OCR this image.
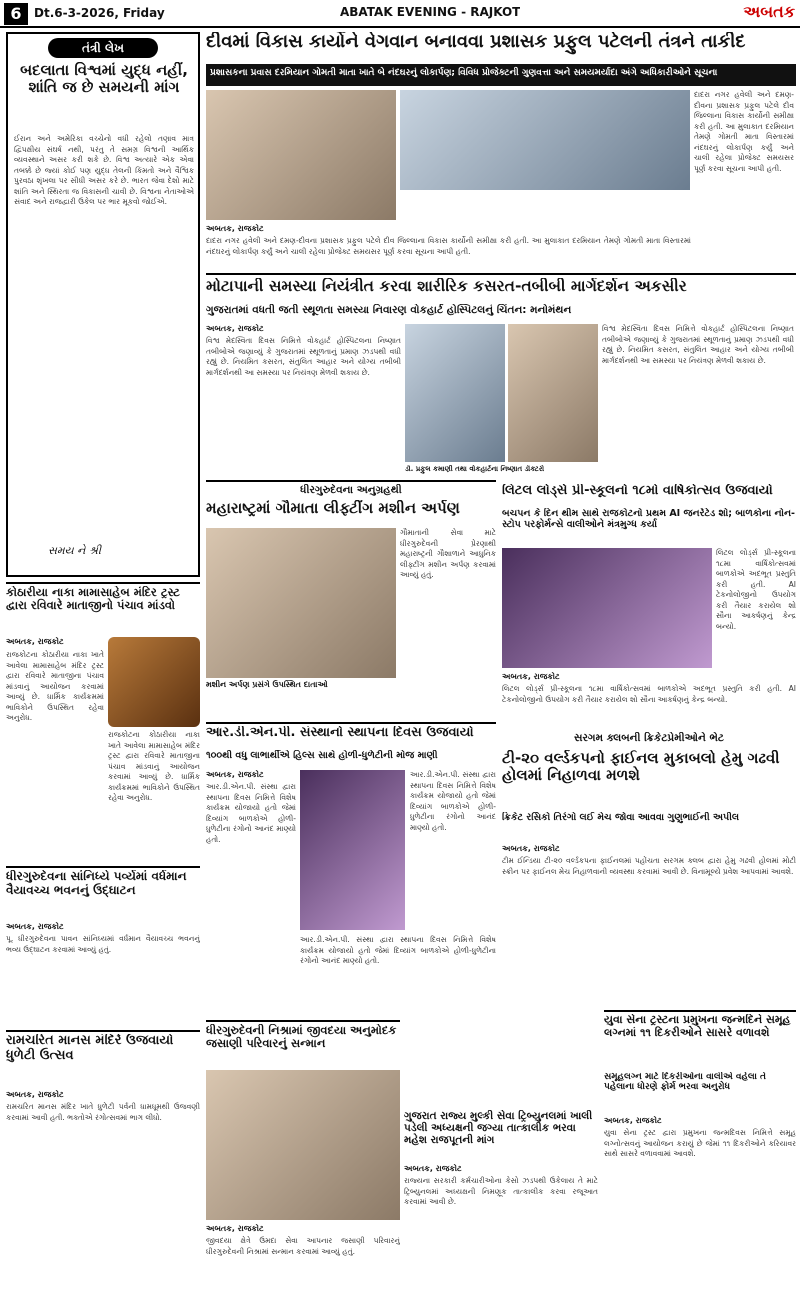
6	Dt.6-3-2026, Friday	ABATAK EVENING - RAJKOT	અબતક
તંત્રી લેખ
બદલાતા વિશ્વમાં યુદ્ધ નહીં, શાંતિ જ છે સમયની માંગ
ઈરાન અને અમેરિકા વચ્ચેનો વધી રહેલો તણાવ માત્ર દ્વિપક્ષીય સંઘર્ષ નથી, પરંતુ તે સમગ્ર વિશ્વની આર્થિક વ્યવસ્થાને અસર કરી શકે છે. વિશ્વ અત્યારે એક એવા તબક્કે છે જ્યાં કોઈ પણ યુદ્ધ તેલની કિંમતો અને વૈશ્વિક પુરવઠા શૃંખલા પર સીધી અસર કરે છે. ભારત જેવા દેશો માટે શાંતિ અને સ્થિરતા જ વિકાસની ચાવી છે. વિશ્વના નેતાઓએ સંવાદ અને રાજદ્વારી ઉકેલ પર ભાર મૂકવો જોઈએ.
સમય ને શ્રી
દીવમાં વિકાસ કાર્યોને વેગવાન બનાવવા પ્રશાસક પ્રફુલ પટેલની તંત્રને તાકીદ
પ્રશાસકના પ્રવાસ દરમિયાન ગોમતી માતા ખાતે બે નંદઘરનું લોકાર્પણ; વિવિધ પ્રોજેક્ટની ગુણવત્તા અને સમયમર્યાદા અંગે અધિકારીઓને સૂચના
અબતક, રાજકોટ
દાદરા નગર હવેલી અને દમણ-દીવના પ્રશાસક પ્રફુલ પટેલે દીવ જિલ્લાના વિકાસ કાર્યોની સમીક્ષા કરી હતી. આ મુલાકાત દરમિયાન તેમણે ગોમતી માતા વિસ્તારમાં નંદઘરનું લોકાર્પણ કર્યું અને ચાલી રહેલા પ્રોજેક્ટ સમયસર પૂર્ણ કરવા સૂચના આપી હતી.
દાદરા નગર હવેલી અને દમણ-દીવના પ્રશાસક પ્રફુલ પટેલે દીવ જિલ્લાના વિકાસ કાર્યોની સમીક્ષા કરી હતી. આ મુલાકાત દરમિયાન તેમણે ગોમતી માતા વિસ્તારમાં નંદઘરનું લોકાર્પણ કર્યું અને ચાલી રહેલા પ્રોજેક્ટ સમયસર પૂર્ણ કરવા સૂચના આપી હતી.
મોટાપાની સમસ્યા નિયંત્રીત કરવા શારીરિક કસરત-તબીબી માર્ગદર્શન અકસીર
ગુજરાતમાં વધતી જતી સ્થૂળતા સમસ્યા નિવારણ વોકહાર્ટ હોસ્પિટલનું ચિંતન: મનોમંથન
અબતક, રાજકોટ
વિશ્વ મેદસ્વિતા દિવસ નિમિત્તે વોકહાર્ટ હોસ્પિટલના નિષ્ણાત તબીબોએ જણાવ્યું કે ગુજરાતમાં સ્થૂળતાનું પ્રમાણ ઝડપથી વધી રહ્યું છે. નિયમિત કસરત, સંતુલિત આહાર અને યોગ્ય તબીબી માર્ગદર્શનથી આ સમસ્યા પર નિયંત્રણ મેળવી શકાય છે.
વિશ્વ મેદસ્વિતા દિવસ નિમિત્તે વોકહાર્ટ હોસ્પિટલના નિષ્ણાત તબીબોએ જણાવ્યું કે ગુજરાતમાં સ્થૂળતાનું પ્રમાણ ઝડપથી વધી રહ્યું છે. નિયમિત કસરત, સંતુલિત આહાર અને યોગ્ય તબીબી માર્ગદર્શનથી આ સમસ્યા પર નિયંત્રણ મેળવી શકાય છે.
ડૉ. પ્રફુલ કમાણી તથા વોકહાર્ટના નિષ્ણાત ડૉક્ટરો
કોઠારીયા નાકા મામાસાહેબ મંદિર ટ્રસ્ટ દ્વારા રવિવારે માતાજીનો પંચાવ માંડવો
અબતક, રાજકોટ
રાજકોટના કોઠારીયા નાકા ખાતે આવેલા મામાસાહેબ મંદિર ટ્રસ્ટ દ્વારા રવિવારે માતાજીના પંચાવ માંડવાનું આયોજન કરવામાં આવ્યું છે. ધાર્મિક કાર્યક્રમમાં ભાવિકોને ઉપસ્થિત રહેવા અનુરોધ.
રાજકોટના કોઠારીયા નાકા ખાતે આવેલા મામાસાહેબ મંદિર ટ્રસ્ટ દ્વારા રવિવારે માતાજીના પંચાવ માંડવાનું આયોજન કરવામાં આવ્યું છે. ધાર્મિક કાર્યક્રમમાં ભાવિકોને ઉપસ્થિત રહેવા અનુરોધ.
ધીરગુરુદેવના અનુગ્રહથી
મહારાષ્ટ્રમાં ગૌમાતા લીફ્ટીંગ મશીન અર્પણ
મશીન અર્પણ પ્રસંગે ઉપસ્થિત દાતાઓ
ગૌમાતાની સેવા માટે ધીરગુરુદેવની પ્રેરણાથી મહારાષ્ટ્રની ગૌશાળાને આધુનિક લીફ્ટીંગ મશીન અર્પણ કરવામાં આવ્યું હતું.
લિટલ લોર્ડ્સ પ્રી-સ્કૂલનો ૧૮મો વાર્ષિકોત્સવ ઉજવાયો
બચપન કે દિન થીમ સાથે રાજકોટનો પ્રથમ AI જનરેટેડ શો; બાળકોના નોન-સ્ટોપ પરફોર્મન્સે વાલીઓને મંત્રમુગ્ધ કર્યા
અબતક, રાજકોટ
લિટલ લોર્ડ્સ પ્રી-સ્કૂલના ૧૮મા વાર્ષિકોત્સવમાં બાળકોએ અદભૂત પ્રસ્તુતિ કરી હતી. AI ટેકનોલોજીનો ઉપયોગ કરી તૈયાર કરાયેલ શો સૌના આકર્ષણનું કેન્દ્ર બન્યો.
લિટલ લોર્ડ્સ પ્રી-સ્કૂલના ૧૮મા વાર્ષિકોત્સવમાં બાળકોએ અદભૂત પ્રસ્તુતિ કરી હતી. AI ટેકનોલોજીનો ઉપયોગ કરી તૈયાર કરાયેલ શો સૌના આકર્ષણનું કેન્દ્ર બન્યો.
આર.ડી.એન.પી. સંસ્થાનો સ્થાપના દિવસ ઉજવાયો
૧૦૦થી વધુ લાભાર્થીએ હિલ્સ સાથે હોળી-ધુળેટીની મોજ માણી
અબતક, રાજકોટ
આર.ડી.એન.પી. સંસ્થા દ્વારા સ્થાપના દિવસ નિમિત્તે વિશેષ કાર્યક્રમ યોજાયો હતો જેમાં દિવ્યાંગ બાળકોએ હોળી-ધુળેટીના રંગોનો આનંદ માણ્યો હતો.
આર.ડી.એન.પી. સંસ્થા દ્વારા સ્થાપના દિવસ નિમિત્તે વિશેષ કાર્યક્રમ યોજાયો હતો જેમાં દિવ્યાંગ બાળકોએ હોળી-ધુળેટીના રંગોનો આનંદ માણ્યો હતો.
આર.ડી.એન.પી. સંસ્થા દ્વારા સ્થાપના દિવસ નિમિત્તે વિશેષ કાર્યક્રમ યોજાયો હતો જેમાં દિવ્યાંગ બાળકોએ હોળી-ધુળેટીના રંગોનો આનંદ માણ્યો હતો.
સરગમ ક્લબની ક્રિકેટપ્રેમીઓને ભેટ
ટી-૨૦ વર્લ્ડકપનો ફાઈનલ મુકાબલો હેમુ ગઢવી હોલમાં નિહાળવા મળશે
ક્રિકેટ રસિકો તિરંગો લઈ મેચ જોવા આવવા ગુણુભાઈની અપીલ
અબતક, રાજકોટ
ટીમ ઈન્ડિયા ટી-૨૦ વર્લ્ડકપના ફાઈનલમાં પહોંચતા સરગમ ક્લબ દ્વારા હેમુ ગઢવી હોલમાં મોટી સ્ક્રીન પર ફાઈનલ મેચ નિહાળવાની વ્યવસ્થા કરવામાં આવી છે. વિનામૂલ્યે પ્રવેશ આપવામાં આવશે.
ધીરગુરુદેવના સાંનિધ્યે પર્વ્યમાં વર્ધમાન વૈયાવચ્ચ ભવનનું ઉદ્ઘાટન
અબતક, રાજકોટ
પૂ. ધીરગુરુદેવના પાવન સાંનિધ્યમાં વર્ધમાન વૈયાવચ્ચ ભવનનું ભવ્ય ઉદ્ઘાટન કરવામાં આવ્યું હતું.
રામચરિત માનસ મંદિરે ઉજવાયો ધુળેટી ઉત્સવ
અબતક, રાજકોટ
રામચરિત માનસ મંદિર ખાતે ધુળેટી પર્વની ધામધૂમથી ઉજવણી કરવામાં આવી હતી. ભક્તોએ રંગોત્સવમાં ભાગ લીધો.
ધીરગુરુદેવની નિશ્રામાં જીવદયા અનુમોદક જસાણી પરિવારનું સન્માન
અબતક, રાજકોટ
જીવદયા ક્ષેત્રે ઉમદા સેવા આપનાર જસાણી પરિવારનું ધીરગુરુદેવની નિશ્રામાં સન્માન કરવામાં આવ્યું હતું.
ગુજરાત રાજ્ય મુલ્કી સેવા ટ્રિબ્યુનલમાં ખાલી પડેલી અધ્યક્ષની જગ્યા તાત્કાલીક ભરવા મહેશ રાજપૂતની માંગ
અબતક, રાજકોટ
રાજ્યના સરકારી કર્મચારીઓના કેસો ઝડપથી ઉકેલાય તે માટે ટ્રિબ્યુનલમાં અધ્યક્ષની નિમણૂક તાત્કાલીક કરવા રજૂઆત કરવામાં આવી છે.
યુવા સેના ટ્રસ્ટના પ્રમુખના જન્મદિને સમૂહ લગ્નમાં ૧૧ દિકરીઓને સાસરે વળાવશે
સમૂહલગ્ન માટે દિકરીઓના વાલીએ વહેલા તે પહેલાના ધોરણે ફોર્મ ભરવા અનુરોધ
અબતક, રાજકોટ
યુવા સેના ટ્રસ્ટ દ્વારા પ્રમુખના જન્મદિવસ નિમિત્તે સમૂહ લગ્નોત્સવનું આયોજન કરાયું છે જેમાં ૧૧ દિકરીઓને કરિયાવર સાથે સાસરે વળાવવામાં આવશે.
